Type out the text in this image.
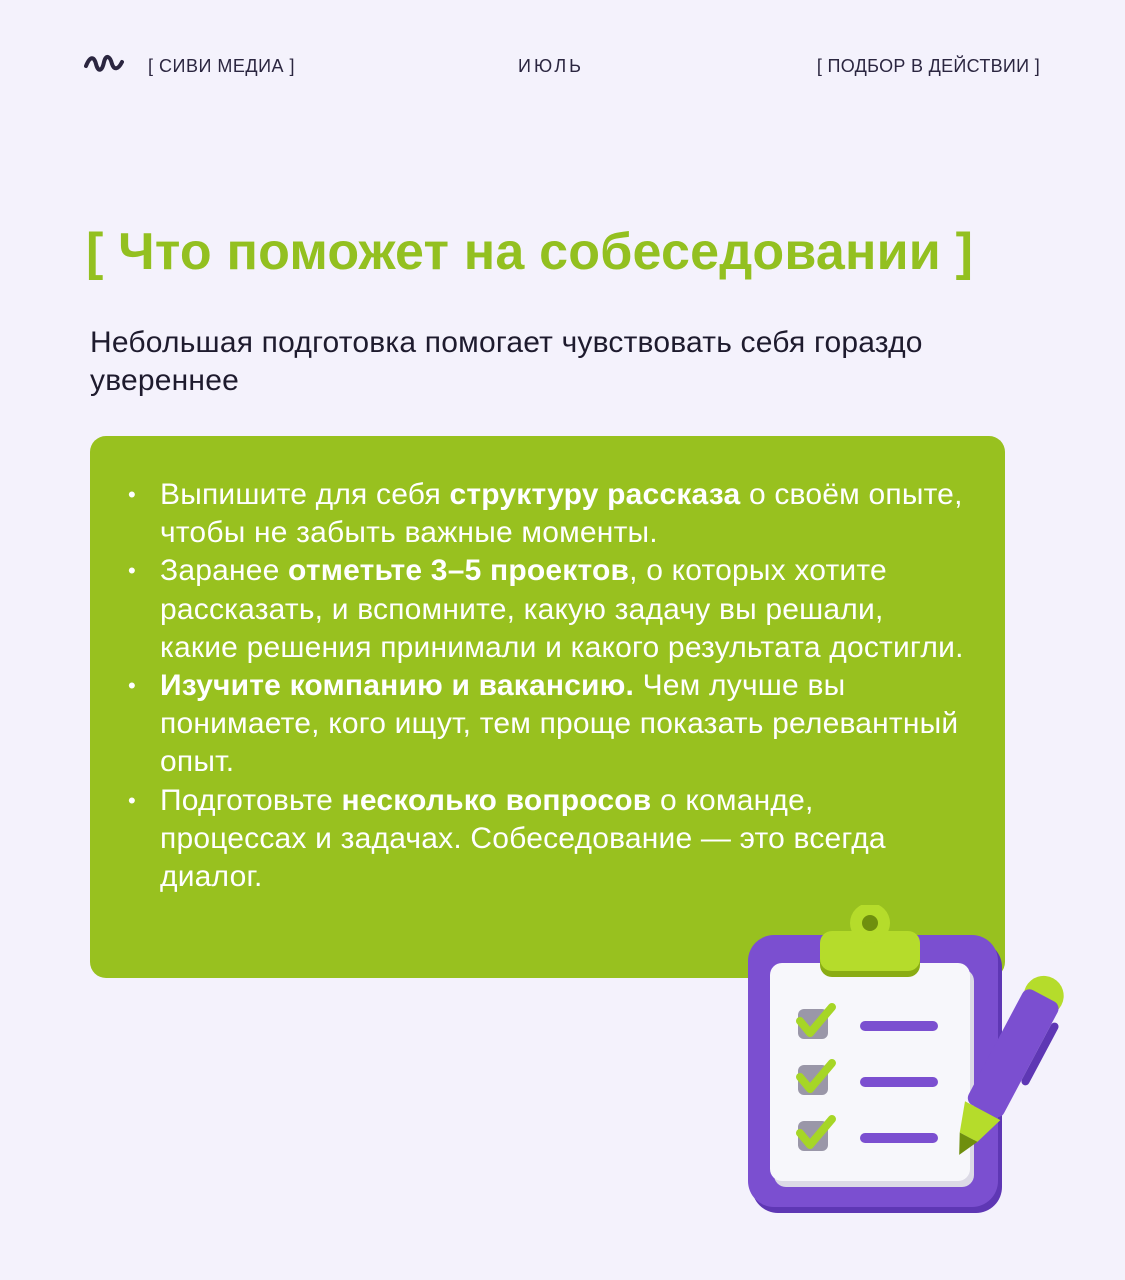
[ СИВИ МЕДИА ]	ИЮЛЬ	[ ПОДБОР В ДЕЙСТВИИ ]
[ Что поможет на собеседовании ]

Небольшая подготовка помогает чувствовать себя гораздо увереннее

• Выпишите для себя структуру рассказа о своём опыте, чтобы не забыть важные моменты.
• Заранее отметьте 3–5 проектов, о которых хотите рассказать, и вспомните, какую задачу вы решали, какие решения принимали и какого результата достигли.
• Изучите компанию и вакансию. Чем лучше вы понимаете, кого ищут, тем проще показать релевантный опыт.
• Подготовьте несколько вопросов о команде, процессах и задачах. Собеседование — это всегда диалог.
